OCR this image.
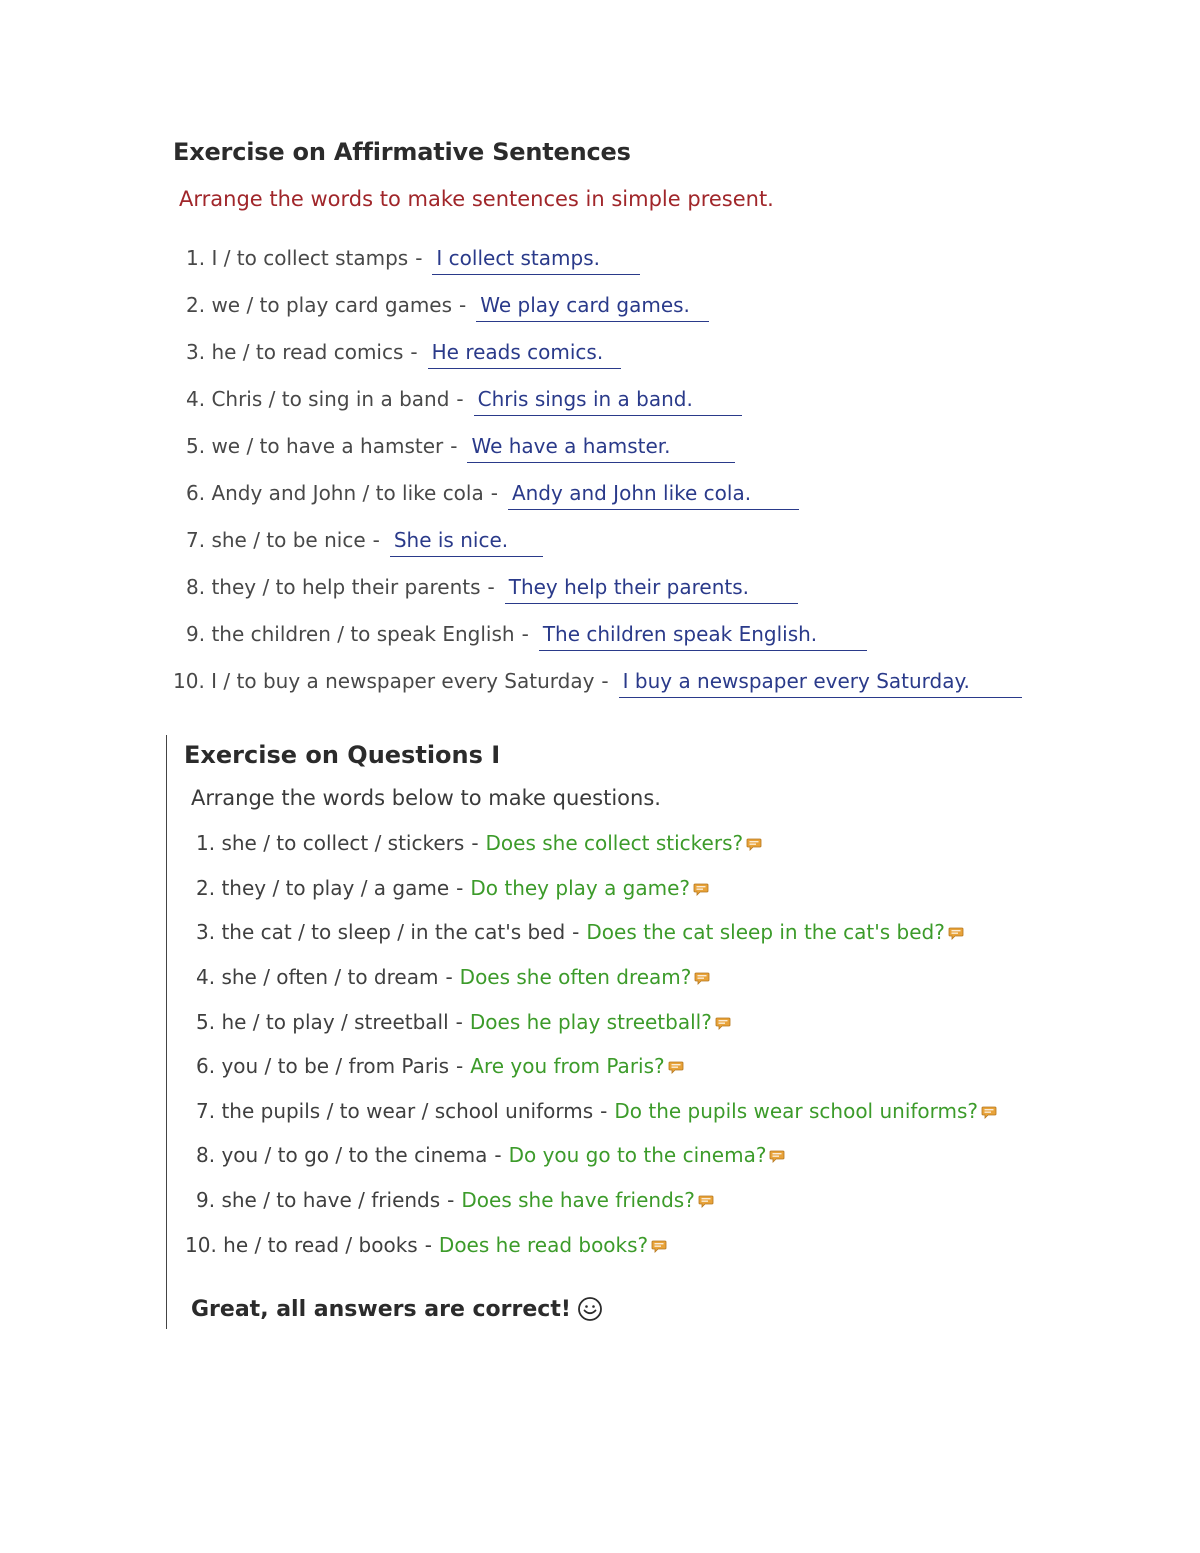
Exercise on Affirmative Sentences
Arrange the words to make sentences in simple present.
1. I / to collect stamps - I collect stamps.
2. we / to play card games - We play card games.
3. he / to read comics - He reads comics.
4. Chris / to sing in a band - Chris sings in a band.
5. we / to have a hamster - We have a hamster.
6. Andy and John / to like cola - Andy and John like cola.
7. she / to be nice - She is nice.
8. they / to help their parents - They help their parents.
9. the children / to speak English - The children speak English.
10. I / to buy a newspaper every Saturday - I buy a newspaper every Saturday.
Exercise on Questions I
Arrange the words below to make questions.
1. she / to collect / stickers - Does she collect stickers?
2. they / to play / a game - Do they play a game?
3. the cat / to sleep / in the cat's bed - Does the cat sleep in the cat's bed?
4. she / often / to dream - Does she often dream?
5. he / to play / streetball - Does he play streetball?
6. you / to be / from Paris - Are you from Paris?
7. the pupils / to wear / school uniforms - Do the pupils wear school uniforms?
8. you / to go / to the cinema - Do you go to the cinema?
9. she / to have / friends - Does she have friends?
10. he / to read / books - Does he read books?
Great, all answers are correct!
